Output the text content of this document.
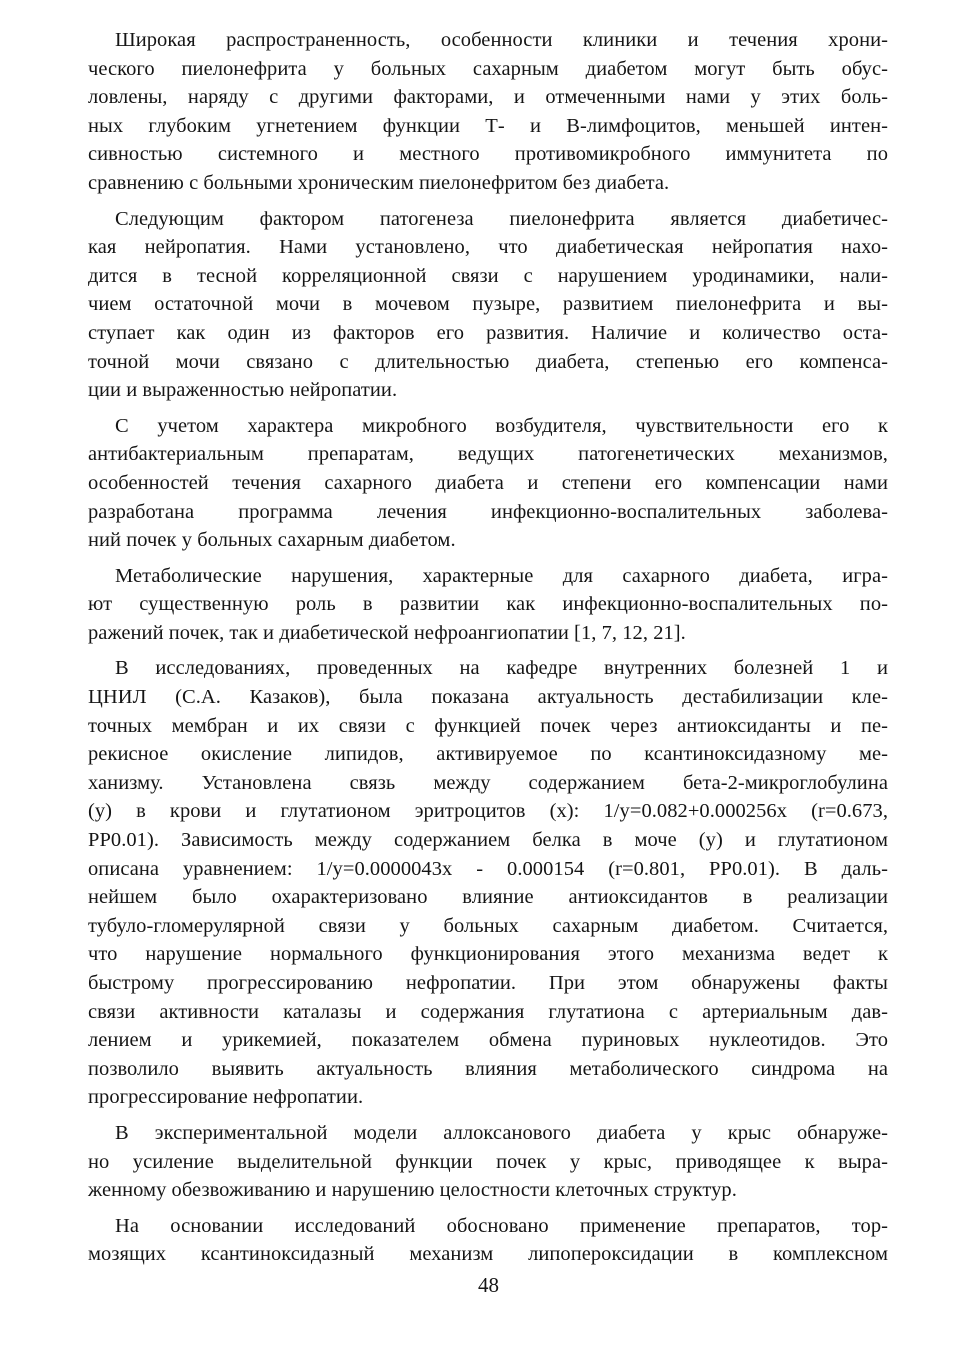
Широкая распространенность, особенности клиники и течения хрони-
ческого пиелонефрита у больных сахарным диабетом могут быть обус-
ловлены, наряду с другими факторами, и отмеченными нами у этих боль-
ных глубоким угнетением функции Т- и В-лимфоцитов, меньшей интен-
сивностью системного и местного противомикробного иммунитета по
сравнению с больными хроническим пиелонефритом без диабета.
Следующим фактором патогенеза пиелонефрита является диабетичес-
кая нейропатия. Нами установлено, что диабетическая нейропатия нахо-
дится в тесной корреляционной связи с нарушением уродинамики, нали-
чием остаточной мочи в мочевом пузыре, развитием пиелонефрита и вы-
ступает как один из факторов его развития. Наличие и количество оста-
точной мочи связано с длительностью диабета, степенью его компенса-
ции и выраженностью нейропатии.
С учетом характера микробного возбудителя, чувствительности его к
антибактериальным препаратам, ведущих патогенетических механизмов,
особенностей течения сахарного диабета и степени его компенсации нами
разработана программа лечения инфекционно-воспалительных заболева-
ний почек у больных сахарным диабетом.
Метаболические нарушения, характерные для сахарного диабета, игра-
ют существенную роль в развитии как инфекционно-воспалительных по-
ражений почек, так и диабетической нефроангиопатии [1, 7, 12, 21].
В исследованиях, проведенных на кафедре внутренних болезней 1 и
ЦНИЛ (С.А. Казаков), была показана актуальность дестабилизации кле-
точных мембран и их связи с функцией почек через антиоксиданты и пе-
рекисное окисление липидов, активируемое по ксантиноксидазному ме-
ханизму. Установлена связь между содержанием бета-2-микроглобулина
(у) в крови и глутатионом эритроцитов (х): 1/у=0.082+0.000256х (r=0.673,
РР0.01). Зависимость между содержанием белка в моче (у) и глутатионом
описана уравнением: 1/у=0.0000043х - 0.000154 (r=0.801, РР0.01). В даль-
нейшем было охарактеризовано влияние антиоксидантов в реализации
тубуло-гломерулярной связи у больных сахарным диабетом. Считается,
что нарушение нормального функционирования этого механизма ведет к
быстрому прогрессированию нефропатии. При этом обнаружены факты
связи активности каталазы и содержания глутатиона с артериальным дав-
лением и урикемией, показателем обмена пуриновых нуклеотидов. Это
позволило выявить актуальность влияния метаболического синдрома на
прогрессирование нефропатии.
В экспериментальной модели аллоксанового диабета у крыс обнаруже-
но усиление выделительной функции почек у крыс, приводящее к выра-
женному обезвоживанию и нарушению целостности клеточных структур.
На основании исследований обосновано применение препаратов, тор-
мозящих ксантиноксидазный механизм липопероксидации в комплексном
48
